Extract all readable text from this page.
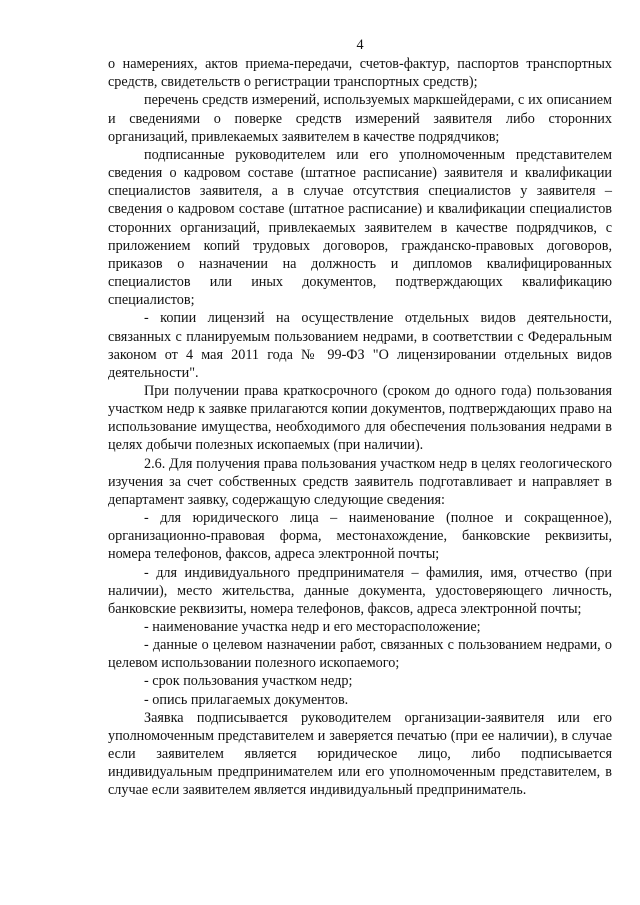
4

о намерениях, актов приема-передачи, счетов-фактур, паспортов транспортных средств, свидетельств о регистрации транспортных средств);

перечень средств измерений, используемых маркшейдерами, с их описанием и сведениями о поверке средств измерений заявителя либо сторонних организаций, привлекаемых заявителем в качестве подрядчиков;

подписанные руководителем или его уполномоченным представителем сведения о кадровом составе (штатное расписание) заявителя и квалификации специалистов заявителя, а в случае отсутствия специалистов у заявителя – сведения о кадровом составе (штатное расписание) и квалификации специалистов сторонних организаций, привлекаемых заявителем в качестве подрядчиков, с приложением копий трудовых договоров, гражданско-правовых договоров, приказов о назначении на должность и дипломов квалифицированных специалистов или иных документов, подтверждающих квалификацию специалистов;

- копии лицензий на осуществление отдельных видов деятельности, связанных с планируемым пользованием недрами, в соответствии с Федеральным законом от 4 мая 2011 года № 99-ФЗ "О лицензировании отдельных видов деятельности".

При получении права краткосрочного (сроком до одного года) пользования участком недр к заявке прилагаются копии документов, подтверждающих право на использование имущества, необходимого для обеспечения пользования недрами в целях добычи полезных ископаемых (при наличии).

2.6. Для получения права пользования участком недр в целях геологического изучения за счет собственных средств заявитель подготавливает и направляет в департамент заявку, содержащую следующие сведения:

- для юридического лица – наименование (полное и сокращенное), организационно-правовая форма, местонахождение, банковские реквизиты, номера телефонов, факсов, адреса электронной почты;

- для индивидуального предпринимателя – фамилия, имя, отчество (при наличии), место жительства, данные документа, удостоверяющего личность, банковские реквизиты, номера телефонов, факсов, адреса электронной почты;

- наименование участка недр и его месторасположение;

- данные о целевом назначении работ, связанных с пользованием недрами, о целевом использовании полезного ископаемого;

- срок пользования участком недр;

- опись прилагаемых документов.

Заявка подписывается руководителем организации-заявителя или его уполномоченным представителем и заверяется печатью (при ее наличии), в случае если заявителем является юридическое лицо, либо подписывается индивидуальным предпринимателем или его уполномоченным представителем, в случае если заявителем является индивидуальный предприниматель.
